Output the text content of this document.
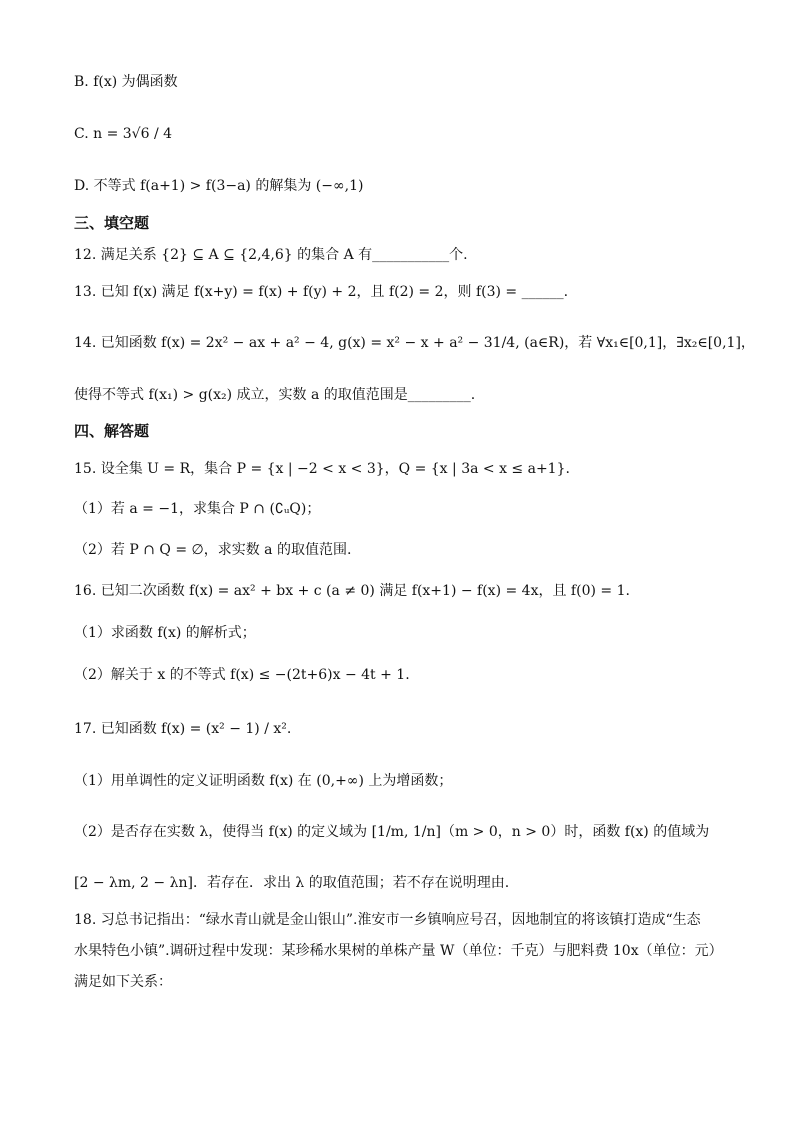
B. f(x) 为偶函数
C. n = 3√6 / 4
D. 不等式 f(a+1) > f(3−a) 的解集为 (−∞,1)
三、填空题
12. 满足关系 {2} ⊆ A ⊆ {2,4,6} 的集合 A 有___________个.
13. 已知 f(x) 满足 f(x+y) = f(x) + f(y) + 2，且 f(2) = 2，则 f(3) = ______.
14. 已知函数 f(x) = 2x² − ax + a² − 4, g(x) = x² − x + a² − 31/4, (a∈R)，若 ∀x₁∈[0,1]，∃x₂∈[0,1]，
使得不等式 f(x₁) > g(x₂) 成立，实数 a 的取值范围是_________.
四、解答题
15. 设全集 U = R，集合 P = {x | −2 < x < 3}，Q = {x | 3a < x ≤ a+1}.
（1）若 a = −1，求集合 P ∩ (∁ᵤQ)；
（2）若 P ∩ Q = ∅，求实数 a 的取值范围.
16. 已知二次函数 f(x) = ax² + bx + c (a ≠ 0) 满足 f(x+1) − f(x) = 4x，且 f(0) = 1.
（1）求函数 f(x) 的解析式；
（2）解关于 x 的不等式 f(x) ≤ −(2t+6)x − 4t + 1.
17. 已知函数 f(x) = (x² − 1) / x².
（1）用单调性的定义证明函数 f(x) 在 (0,+∞) 上为增函数；
（2）是否存在实数 λ，使得当 f(x) 的定义域为 [1/m, 1/n]（m > 0，n > 0）时，函数 f(x) 的值域为
[2 − λm, 2 − λn]．若存在．求出 λ 的取值范围；若不存在说明理由.
18. 习总书记指出：“绿水青山就是金山银山”.淮安市一乡镇响应号召，因地制宜的将该镇打造成“生态
水果特色小镇”.调研过程中发现：某珍稀水果树的单株产量 W（单位：千克）与肥料费 10x（单位：元）
满足如下关系：
